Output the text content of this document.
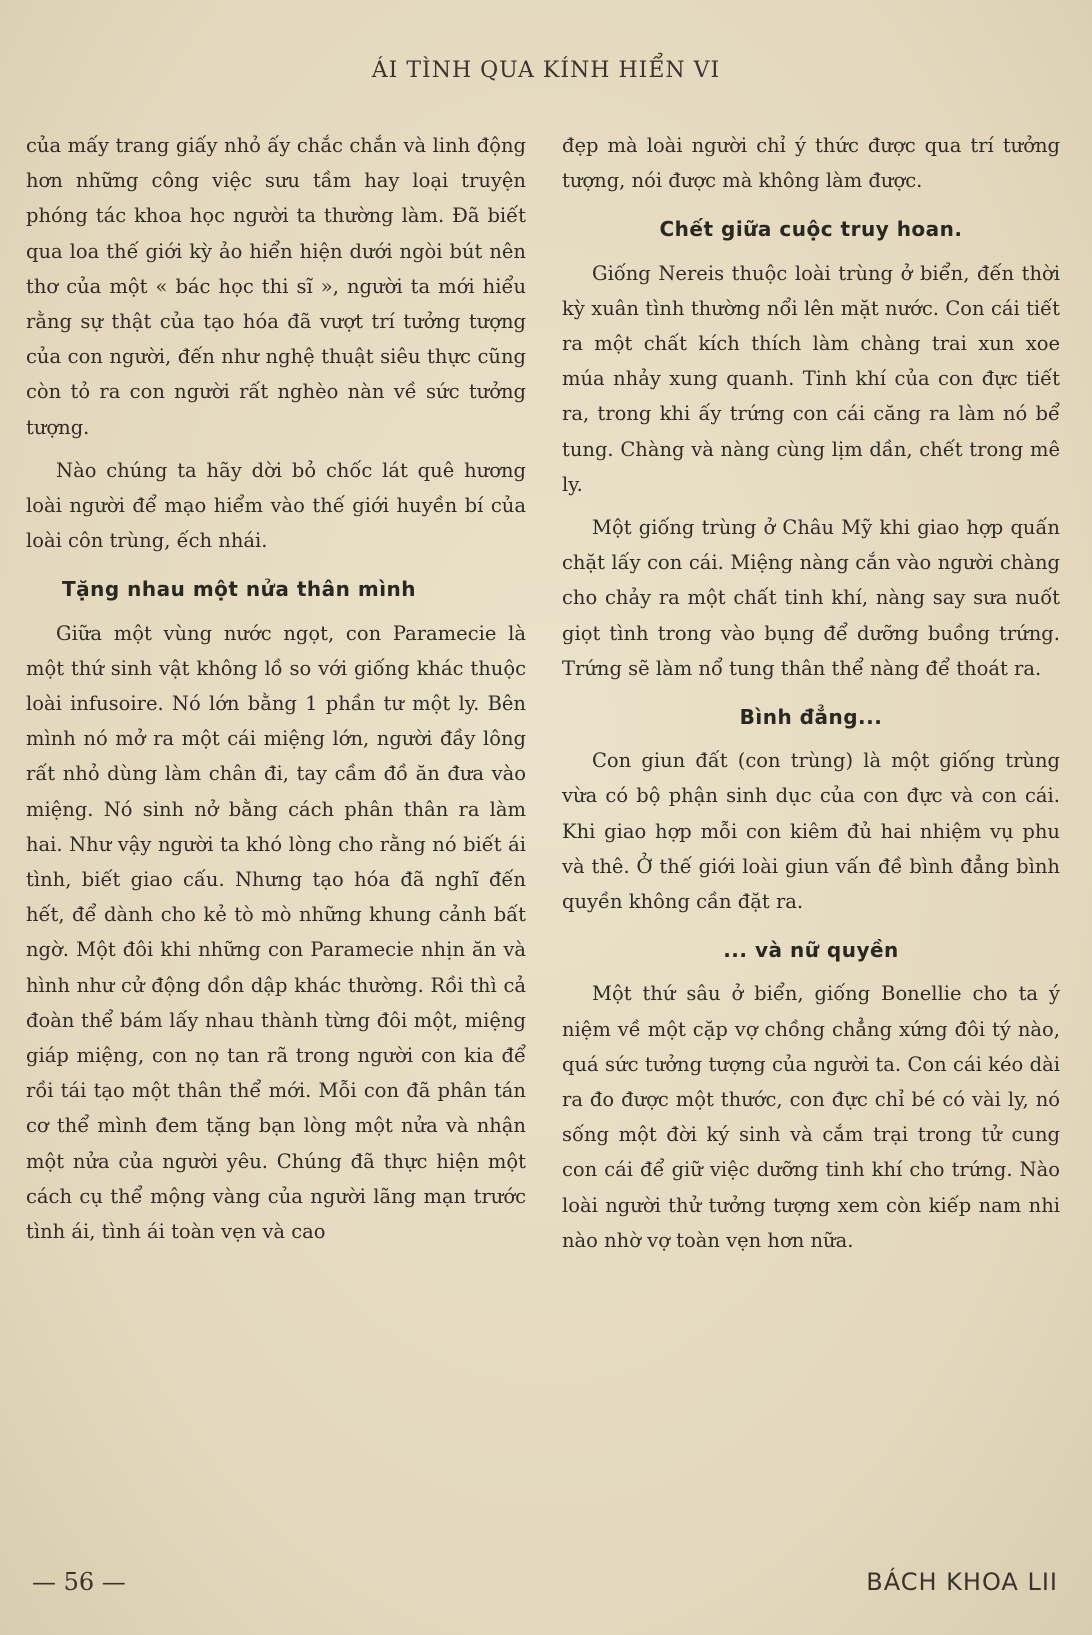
ÁI TÌNH QUA KÍNH HIỂN VI

của mấy trang giấy nhỏ ấy chắc chắn và linh động hơn những công việc sưu tầm hay loại truyện phóng tác khoa học người ta thường làm. Đã biết qua loa thế giới kỳ ảo hiển hiện dưới ngòi bút nên thơ của một « bác học thi sĩ », người ta mới hiểu rằng sự thật của tạo hóa đã vượt trí tưởng tượng của con người, đến như nghệ thuật siêu thực cũng còn tỏ ra con người rất nghèo nàn về sức tưởng tượng.

Nào chúng ta hãy dời bỏ chốc lát quê hương loài người để mạo hiểm vào thế giới huyền bí của loài côn trùng, ếch nhái.

Tặng nhau một nửa thân mình

Giữa một vùng nước ngọt, con Paramecie là một thứ sinh vật không lồ so với giống khác thuộc loài infusoire. Nó lớn bằng 1 phần tư một ly. Bên mình nó mở ra một cái miệng lớn, người đầy lông rất nhỏ dùng làm chân đi, tay cầm đồ ăn đưa vào miệng. Nó sinh nở bằng cách phân thân ra làm hai. Như vậy người ta khó lòng cho rằng nó biết ái tình, biết giao cấu. Nhưng tạo hóa đã nghĩ đến hết, để dành cho kẻ tò mò những khung cảnh bất ngờ. Một đôi khi những con Paramecie nhịn ăn và hình như cử động dồn dập khác thường. Rồi thì cả đoàn thể bám lấy nhau thành từng đôi một, miệng giáp miệng, con nọ tan rã trong người con kia để rồi tái tạo một thân thể mới. Mỗi con đã phân tán cơ thể mình đem tặng bạn lòng một nửa và nhận một nửa của người yêu. Chúng đã thực hiện một cách cụ thể mộng vàng của người lãng mạn trước tình ái, tình ái toàn vẹn và cao

đẹp mà loài người chỉ ý thức được qua trí tưởng tượng, nói được mà không làm được.

Chết giữa cuộc truy hoan.

Giống Nereis thuộc loài trùng ở biển, đến thời kỳ xuân tình thường nổi lên mặt nước. Con cái tiết ra một chất kích thích làm chàng trai xun xoe múa nhảy xung quanh. Tinh khí của con đực tiết ra, trong khi ấy trứng con cái căng ra làm nó bể tung. Chàng và nàng cùng lịm dần, chết trong mê ly.

Một giống trùng ở Châu Mỹ khi giao hợp quấn chặt lấy con cái. Miệng nàng cắn vào người chàng cho chảy ra một chất tinh khí, nàng say sưa nuốt giọt tình trong vào bụng để dưỡng buồng trứng. Trứng sẽ làm nổ tung thân thể nàng để thoát ra.

Bình đẳng...

Con giun đất (con trùng) là một giống trùng vừa có bộ phận sinh dục của con đực và con cái. Khi giao hợp mỗi con kiêm đủ hai nhiệm vụ phu và thê. Ở thế giới loài giun vấn đề bình đẳng bình quyền không cần đặt ra.

... và nữ quyền

Một thứ sâu ở biển, giống Bonellie cho ta ý niệm về một cặp vợ chồng chẳng xứng đôi tý nào, quá sức tưởng tượng của người ta. Con cái kéo dài ra đo được một thước, con đực chỉ bé có vài ly, nó sống một đời ký sinh và cắm trại trong tử cung con cái để giữ việc dưỡng tinh khí cho trứng. Nào loài người thử tưởng tượng xem còn kiếp nam nhi nào nhờ vợ toàn vẹn hơn nữa.

— 56 —	BÁCH KHOA LII
